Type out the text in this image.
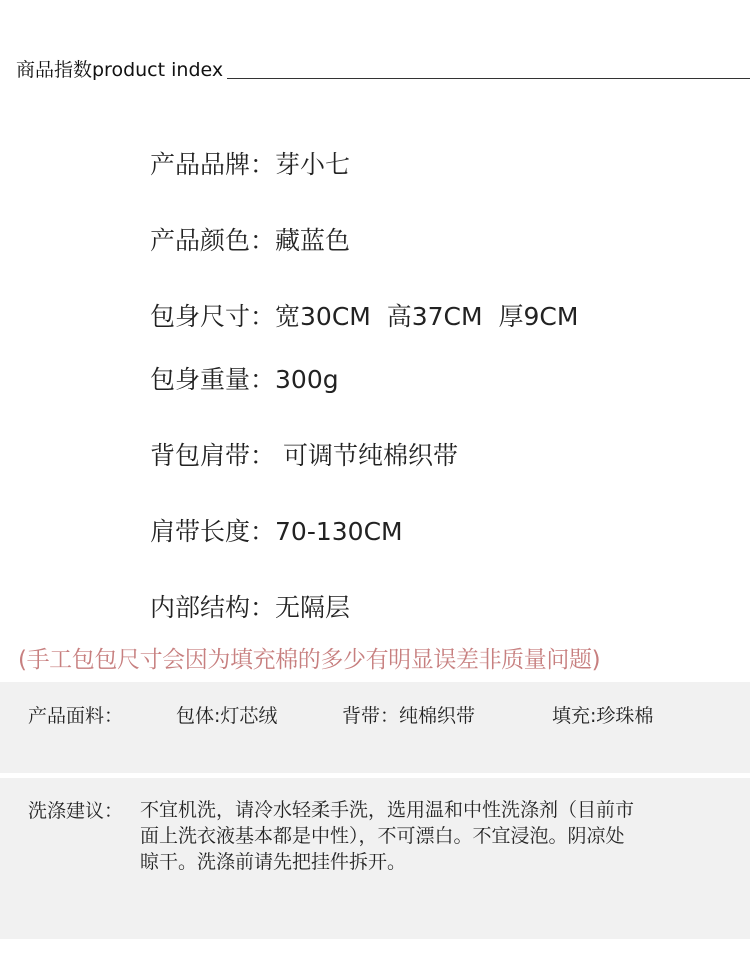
商品指数product index
产品品牌：芽小七
产品颜色：藏蓝色
包身尺寸：宽30CM  高37CM  厚9CM
包身重量：300g
背包肩带： 可调节纯棉织带
肩带长度：70-130CM
内部结构：无隔层
(手工包包尺寸会因为填充棉的多少有明显误差非质量问题)
产品面料：	包体:灯芯绒	背带：纯棉织带	填充:珍珠棉
洗涤建议： 不宜机洗，请冷水轻柔手洗，选用温和中性洗涤剂（目前市
面上洗衣液基本都是中性），不可漂白。不宜浸泡。阴凉处
晾干。洗涤前请先把挂件拆开。
